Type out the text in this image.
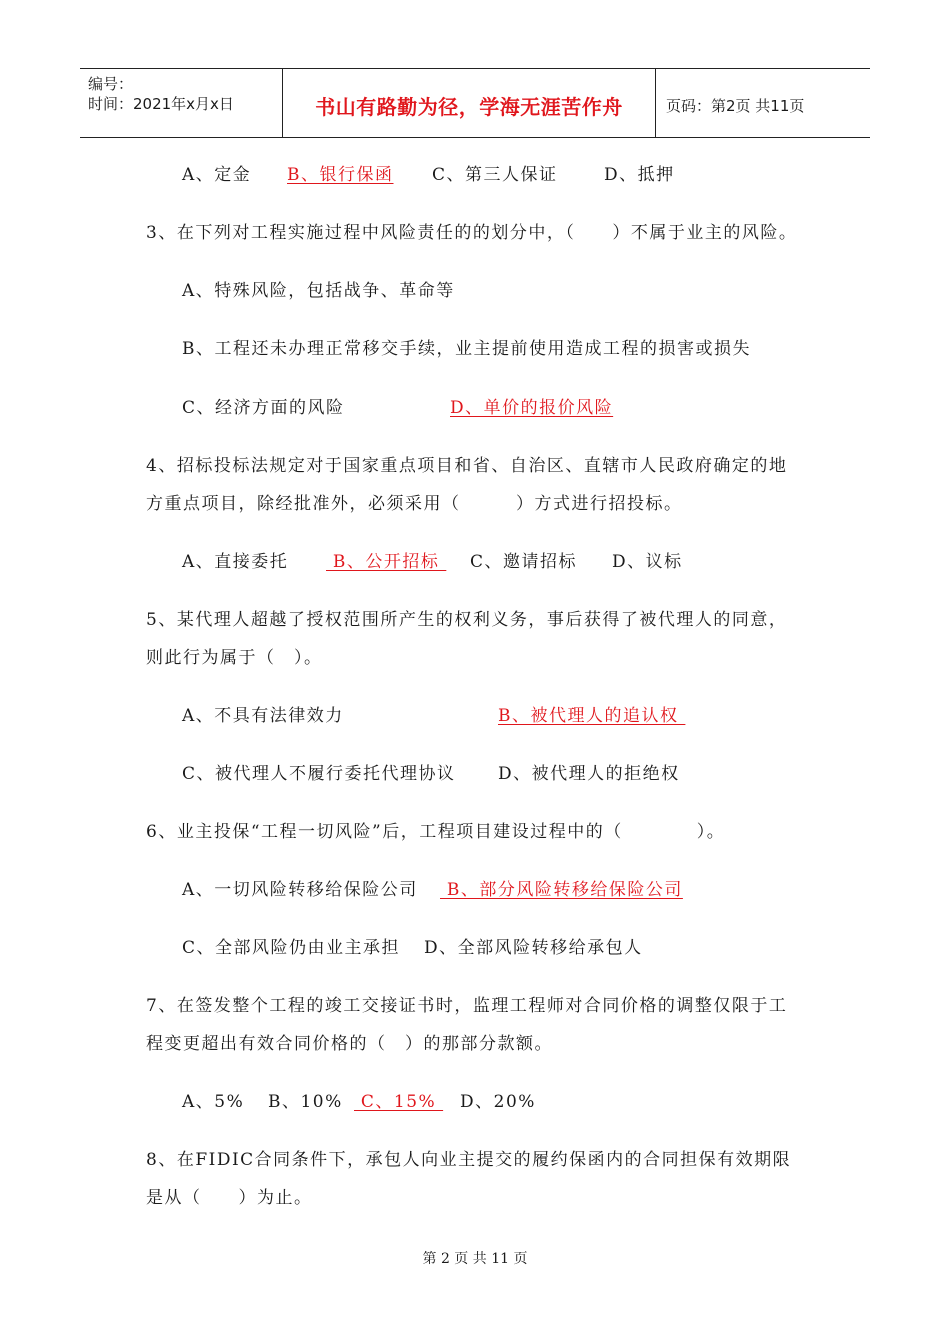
编号：
时间：2021年x月x日	书山有路勤为径，学海无涯苦作舟	页码：第2页 共11页
A、定金 B、银行保函 C、第三人保证	D、抵押
3、在下列对工程实施过程中风险责任的的划分中，（　　）不属于业主的风险。
A、特殊风险，包括战争、革命等
B、工程还未办理正常移交手续，业主提前使用造成工程的损害或损失
C、经济方面的风险	D、单价的报价风险
4、招标投标法规定对于国家重点项目和省、自治区、直辖市人民政府确定的地
方重点项目，除经批准外，必须采用（　　　）方式进行招投标。
A、直接委托 B、公开招标 C、邀请招标 D、议标
5、某代理人超越了授权范围所产生的权利义务，事后获得了被代理人的同意，
则此行为属于（　）。
A、不具有法律效力	B、被代理人的追认权
C、被代理人不履行委托代理协议 D、被代理人的拒绝权
6、业主投保“工程一切风险”后，工程项目建设过程中的（　　　　）。
A、一切风险转移给保险公司 B、部分风险转移给保险公司
C、全部风险仍由业主承担 D、全部风险转移给承包人
7、在签发整个工程的竣工交接证书时，监理工程师对合同价格的调整仅限于工
程变更超出有效合同价格的（　）的那部分款额。
A、5% B、10% C、15% D、20%
8、在FIDIC合同条件下，承包人向业主提交的履约保函内的合同担保有效期限
是从（　　）为止。
第 2 页 共 11 页
